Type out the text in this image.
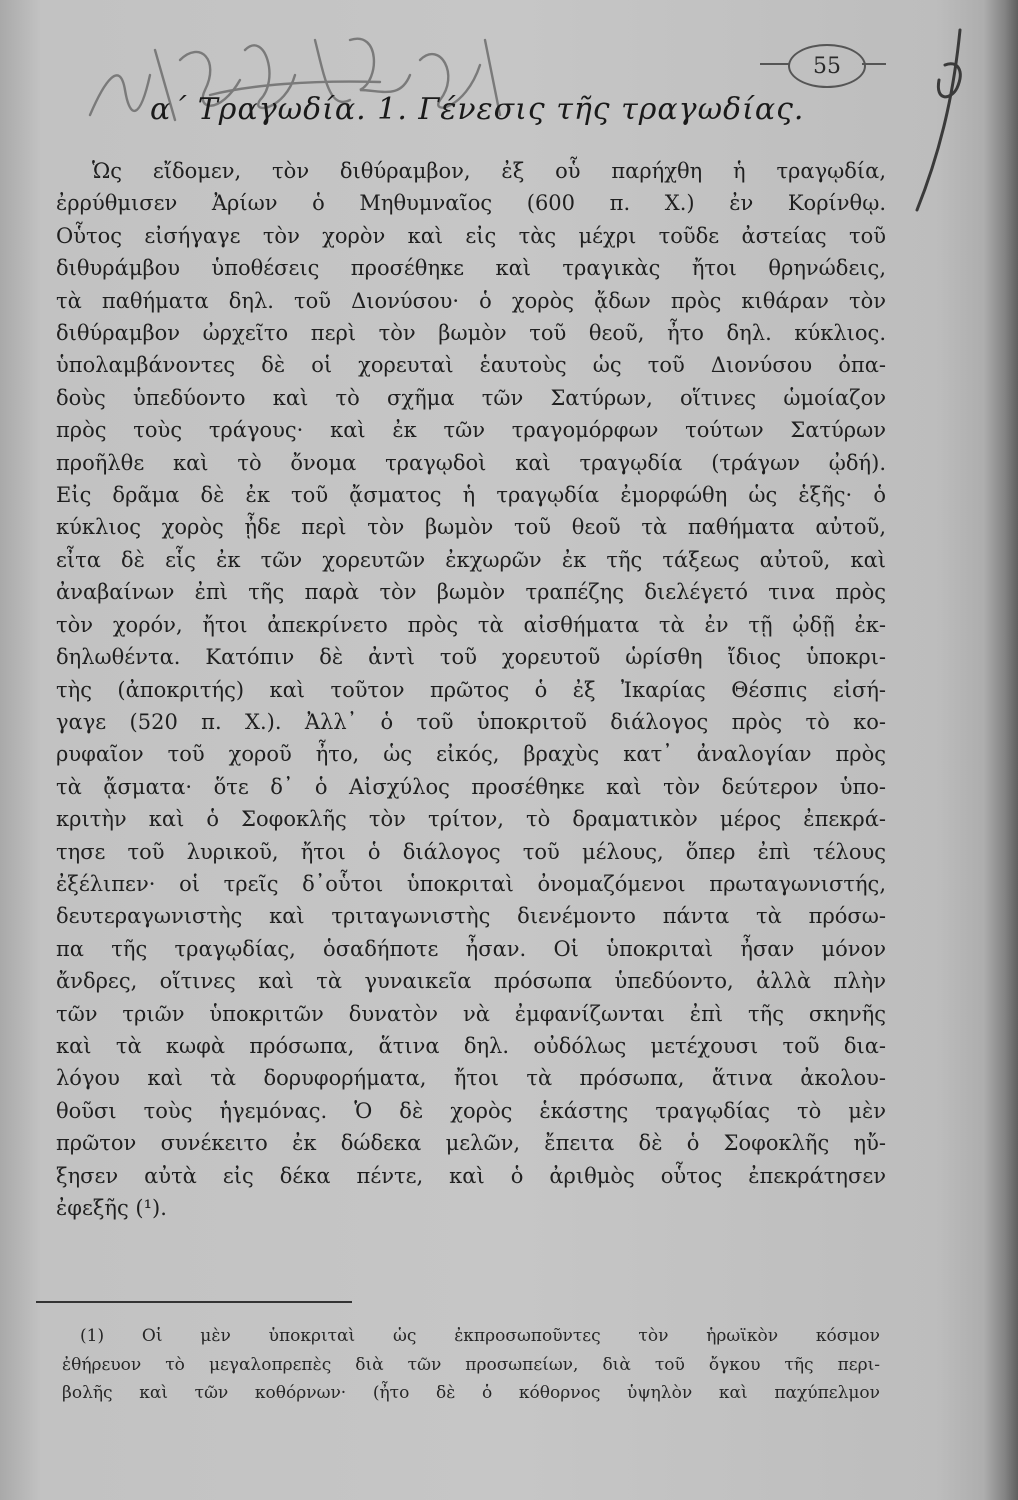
55
α΄ Τραγωδία. 1. Γένεσις τῆς τραγωδίας.
Ὡς εἴδομεν, τὸν διθύραμβον, ἐξ οὗ παρήχθη ἡ τραγῳδία,
ἐρρύθμισεν Ἀρίων ὁ Μηθυμναῖος (600 π. Χ.) ἐν Κορίνθῳ.
Οὗτος εἰσήγαγε τὸν χορὸν καὶ εἰς τὰς μέχρι τοῦδε ἀστείας τοῦ
διθυράμβου ὑποθέσεις προσέθηκε καὶ τραγικὰς ἤτοι θρηνώδεις,
τὰ παθήματα δηλ. τοῦ Διονύσου· ὁ χορὸς ᾄδων πρὸς κιθάραν τὸν
διθύραμβον ὠρχεῖτο περὶ τὸν βωμὸν τοῦ θεοῦ, ἦτο δηλ. κύκλιος.
ὑπολαμβάνοντες δὲ οἱ χορευταὶ ἑαυτοὺς ὡς τοῦ Διονύσου ὀπα-
δοὺς ὑπεδύοντο καὶ τὸ σχῆμα τῶν Σατύρων, οἵτινες ὡμοίαζον
πρὸς τοὺς τράγους· καὶ ἐκ τῶν τραγομόρφων τούτων Σατύρων
προῆλθε καὶ τὸ ὄνομα τραγῳδοὶ καὶ τραγῳδία (τράγων ᾠδή).
Εἰς δρᾶμα δὲ ἐκ τοῦ ᾄσματος ἡ τραγῳδία ἐμορφώθη ὡς ἑξῆς· ὁ
κύκλιος χορὸς ᾖδε περὶ τὸν βωμὸν τοῦ θεοῦ τὰ παθήματα αὐτοῦ,
εἶτα δὲ εἷς ἐκ τῶν χορευτῶν ἐκχωρῶν ἐκ τῆς τάξεως αὐτοῦ, καὶ
ἀναβαίνων ἐπὶ τῆς παρὰ τὸν βωμὸν τραπέζης διελέγετό τινα πρὸς
τὸν χορόν, ἤτοι ἀπεκρίνετο πρὸς τὰ αἰσθήματα τὰ ἐν τῇ ᾠδῇ ἐκ-
δηλωθέντα. Κατόπιν δὲ ἀντὶ τοῦ χορευτοῦ ὡρίσθη ἴδιος ὑποκρι-
τὴς (ἀποκριτής) καὶ τοῦτον πρῶτος ὁ ἐξ Ἰκαρίας Θέσπις εἰσή-
γαγε (520 π. Χ.). Ἀλλ᾽ ὁ τοῦ ὑποκριτοῦ διάλογος πρὸς τὸ κο-
ρυφαῖον τοῦ χοροῦ ἦτο, ὡς εἰκός, βραχὺς κατ᾽ ἀναλογίαν πρὸς
τὰ ᾄσματα· ὅτε δ᾽ ὁ Αἰσχύλος προσέθηκε καὶ τὸν δεύτερον ὑπο-
κριτὴν καὶ ὁ Σοφοκλῆς τὸν τρίτον, τὸ δραματικὸν μέρος ἐπεκρά-
τησε τοῦ λυρικοῦ, ἤτοι ὁ διάλογος τοῦ μέλους, ὅπερ ἐπὶ τέλους
ἐξέλιπεν· οἱ τρεῖς δ᾽οὗτοι ὑποκριταὶ ὀνομαζόμενοι πρωταγωνιστής,
δευτεραγωνιστὴς καὶ τριταγωνιστὴς διενέμοντο πάντα τὰ πρόσω-
πα τῆς τραγῳδίας, ὁσαδήποτε ἦσαν. Οἱ ὑποκριταὶ ἦσαν μόνον
ἄνδρες, οἵτινες καὶ τὰ γυναικεῖα πρόσωπα ὑπεδύοντο, ἀλλὰ πλὴν
τῶν τριῶν ὑποκριτῶν δυνατὸν νὰ ἐμφανίζωνται ἐπὶ τῆς σκηνῆς
καὶ τὰ κωφὰ πρόσωπα, ἅτινα δηλ. οὐδόλως μετέχουσι τοῦ δια-
λόγου καὶ τὰ δορυφορήματα, ἤτοι τὰ πρόσωπα, ἅτινα ἀκολου-
θοῦσι τοὺς ἡγεμόνας. Ὁ δὲ χορὸς ἑκάστης τραγῳδίας τὸ μὲν
πρῶτον συνέκειτο ἐκ δώδεκα μελῶν, ἔπειτα δὲ ὁ Σοφοκλῆς ηὔ-
ξησεν αὐτὰ εἰς δέκα πέντε, καὶ ὁ ἀριθμὸς οὗτος ἐπεκράτησεν
ἐφεξῆς (¹).
(1) Οἱ μὲν ὑποκριταὶ ὡς ἐκπροσωποῦντες τὸν ἡρωϊκὸν κόσμον
ἐθήρευον τὸ μεγαλοπρεπὲς διὰ τῶν προσωπείων, διὰ τοῦ ὄγκου τῆς περι-
βολῆς καὶ τῶν κοθόρνων· (ἦτο δὲ ὁ κόθορνος ὑψηλὸν καὶ παχύπελμον
